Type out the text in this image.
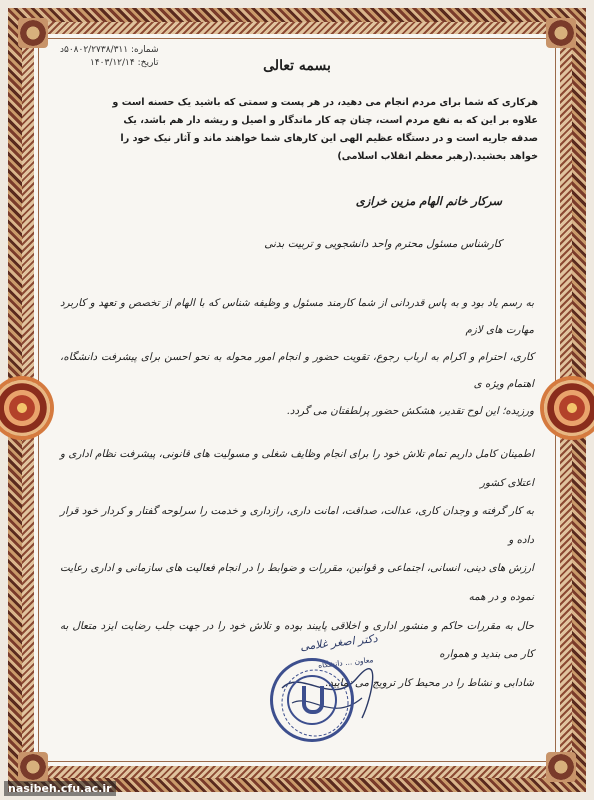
شماره: ۵۰۸۰۲/۲۷۳۸/۳۱۱د
تاریخ: ۱۴۰۳/۱۲/۱۴	بسمه تعالی
هرکاری که شما برای مردم انجام می دهید، در هر پست و سمتی که باشید یک حسنه است و
علاوه بر این که به نفع مردم است، چنان چه کار ماندگار و اصیل و ریشه دار هم باشد، یک
صدقه جاریه است و در دستگاه عظیم الهی این کارهای شما خواهند ماند و آثار نیک خود را
خواهد بخشید.(رهبر معظم انقلاب اسلامی)
سرکار خانم الهام مزین خرازی
کارشناس مسئول محترم واحد دانشجویی و تربیت بدنی
به رسم یاد بود و به پاس قدردانی از شما کارمند مسئول و وظیفه شناس که با الهام از تخصص و تعهد و کاربرد مهارت های لازم
کاری، احترام و اکرام به ارباب رجوع، تقویت حضور و انجام امور محوله به نحو احسن برای پیشرفت دانشگاه، اهتمام ویژه ی
ورزیده؛ این لوح تقدیر، هشکش حضور پرلطفتان می گردد.
اطمینان کامل داریم تمام تلاش خود را برای انجام وظایف شغلی و مسولیت های قانونی، پیشرفت نظام اداری و اعتلای کشور
به کار گرفته و وجدان کاری، عدالت، صداقت، امانت داری، رازداری و خدمت را سرلوحه گفتار و کردار خود قرار داده و
ارزش های دینی، انسانی، اجتماعی و قوانین، مقررات و ضوابط را در انجام فعالیت های سازمانی و اداری رعایت نموده و در همه
حال به مقررات حاکم و منشور اداری و اخلاقی پایبند بوده و تلاش خود را در جهت جلب رضایت ایزد متعال به کار می بندید و همواره
شادابی و نشاط را در محیط کار ترویج می نمایید.
دکتر اصغر غلامی
معاون ... دانشگاه
nasibeh.cfu.ac.ir
